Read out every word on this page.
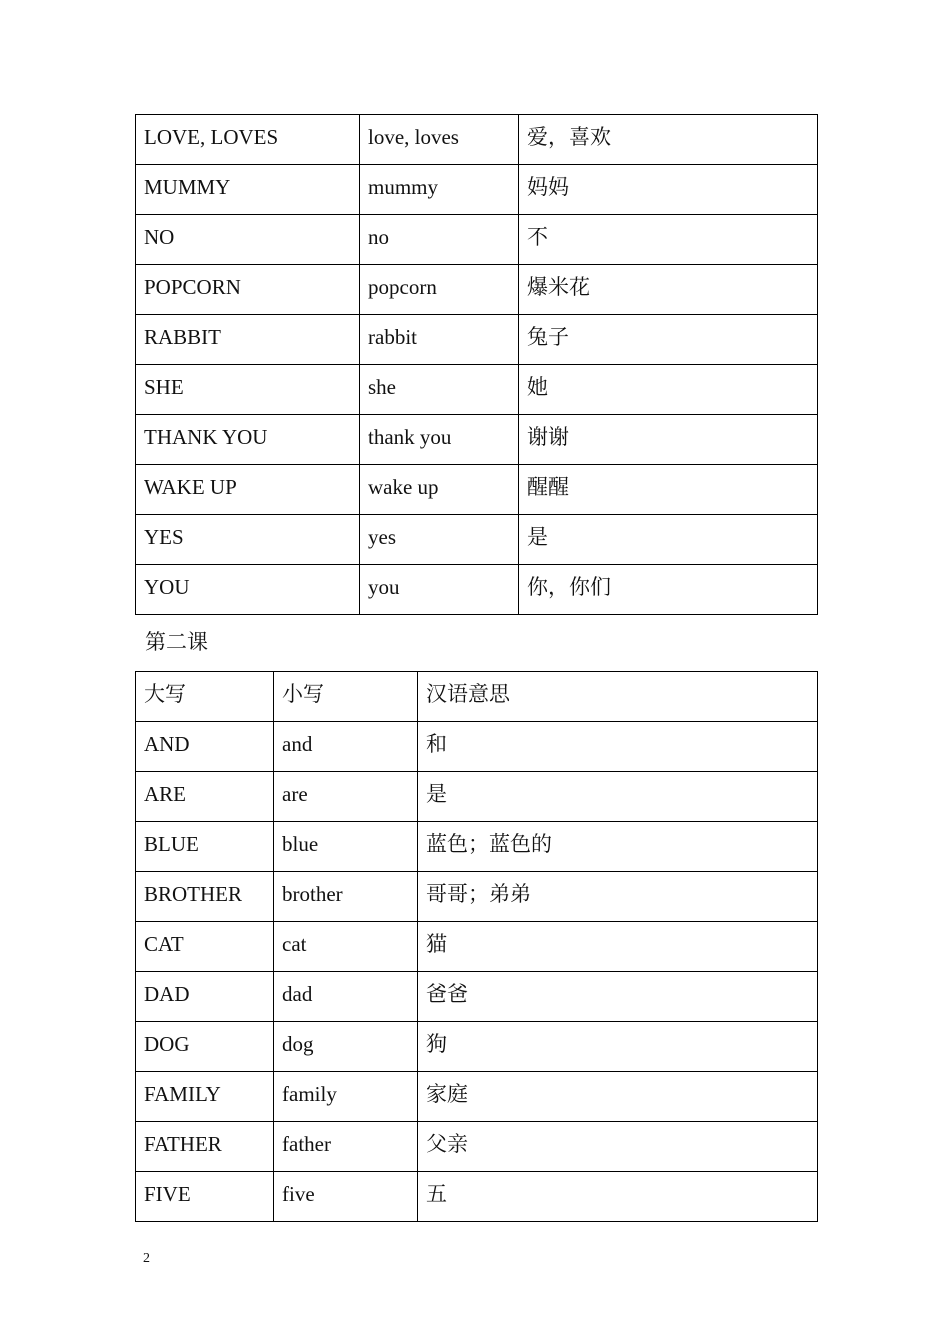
LOVE, LOVES	love, loves	爱，喜欢
MUMMY	mummy	妈妈
NO	no	不
POPCORN	popcorn	爆米花
RABBIT	rabbit	兔子
SHE	she	她
THANK YOU	thank you	谢谢
WAKE UP	wake up	醒醒
YES	yes	是
YOU	you	你，你们
第二课
大写	小写	汉语意思
AND	and	和
ARE	are	是
BLUE	blue	蓝色；蓝色的
BROTHER	brother	哥哥；弟弟
CAT	cat	猫
DAD	dad	爸爸
DOG	dog	狗
FAMILY	family	家庭
FATHER	father	父亲
FIVE	five	五
2
